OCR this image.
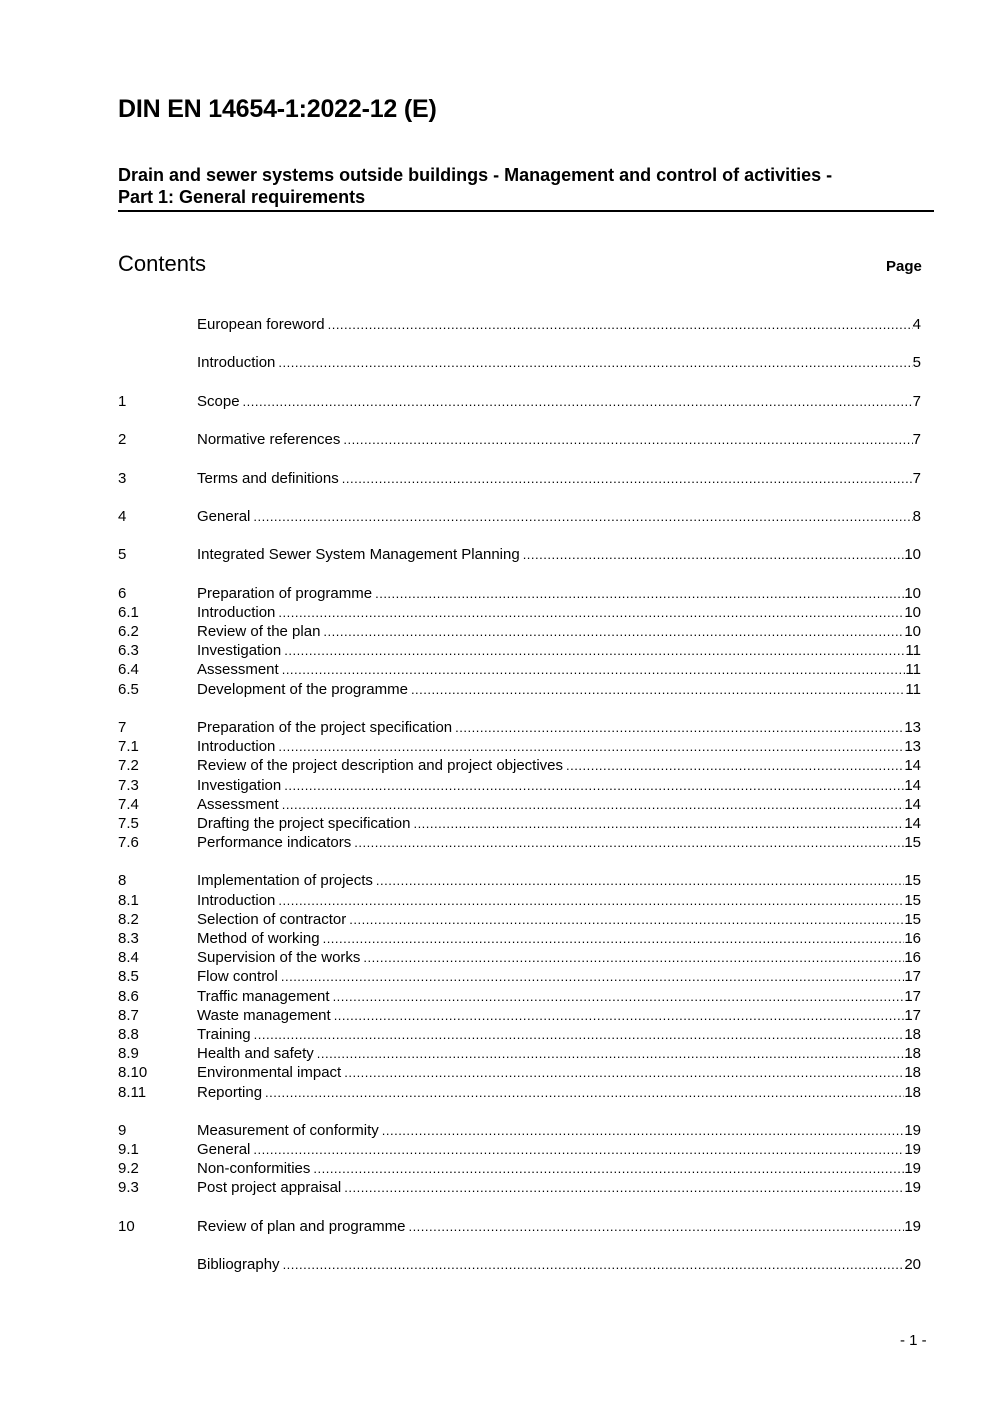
DIN EN 14654-1:2022-12 (E)
Drain and sewer systems outside buildings - Management and control of activities -
Part 1: General requirements
Contents	Page
European foreword .....	4
Introduction .....	5
1	Scope .....	7
2	Normative references .....	7
3	Terms and definitions .....	7
4	General .....	8
5	Integrated Sewer System Management Planning .....	10
6	Preparation of programme .....	10
6.1	Introduction .....	10
6.2	Review of the plan .....	10
6.3	Investigation .....	11
6.4	Assessment .....	11
6.5	Development of the programme .....	11
7	Preparation of the project specification .....	13
7.1	Introduction .....	13
7.2	Review of the project description and project objectives .....	14
7.3	Investigation .....	14
7.4	Assessment .....	14
7.5	Drafting the project specification .....	14
7.6	Performance indicators .....	15
8	Implementation of projects .....	15
8.1	Introduction .....	15
8.2	Selection of contractor .....	15
8.3	Method of working .....	16
8.4	Supervision of the works .....	16
8.5	Flow control .....	17
8.6	Traffic management .....	17
8.7	Waste management .....	17
8.8	Training .....	18
8.9	Health and safety .....	18
8.10	Environmental impact .....	18
8.11	Reporting .....	18
9	Measurement of conformity .....	19
9.1	General .....	19
9.2	Non-conformities .....	19
9.3	Post project appraisal .....	19
10	Review of plan and programme .....	19
Bibliography .....	20
- 1 -
